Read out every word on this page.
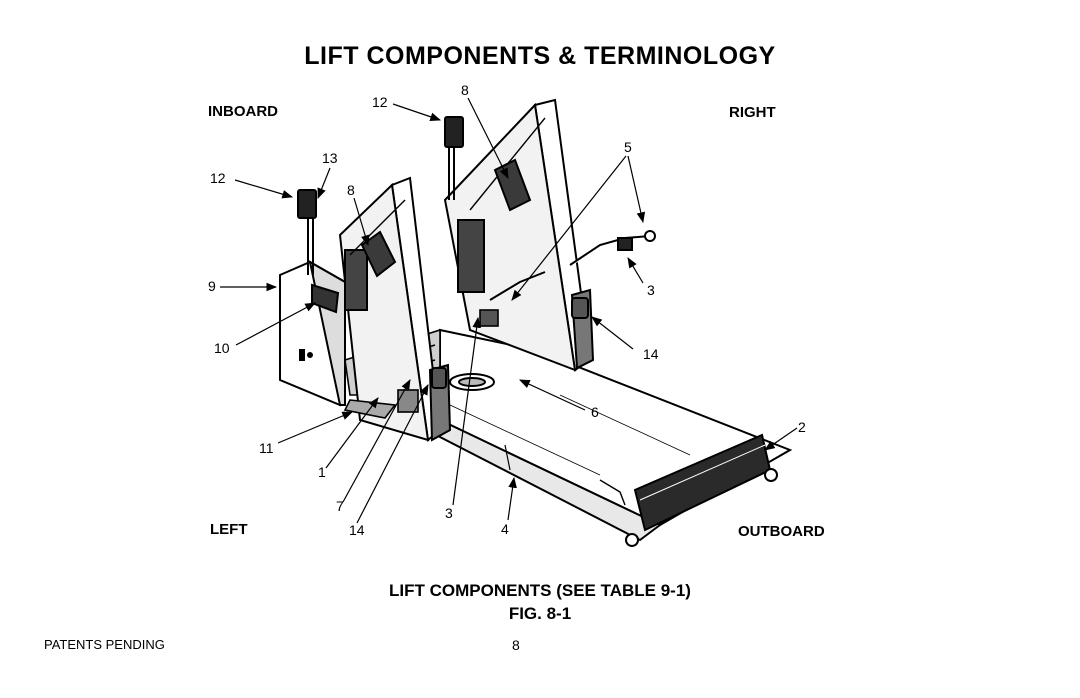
LIFT COMPONENTS & TERMINOLOGY
INBOARD	RIGHT
LEFT	OUTBOARD
12
8
13
12
8
5
9	3
10	14
6
2
11
1
7	3
14	4
LIFT COMPONENTS (SEE TABLE 9-1)
FIG. 8-1
PATENTS PENDING	8
